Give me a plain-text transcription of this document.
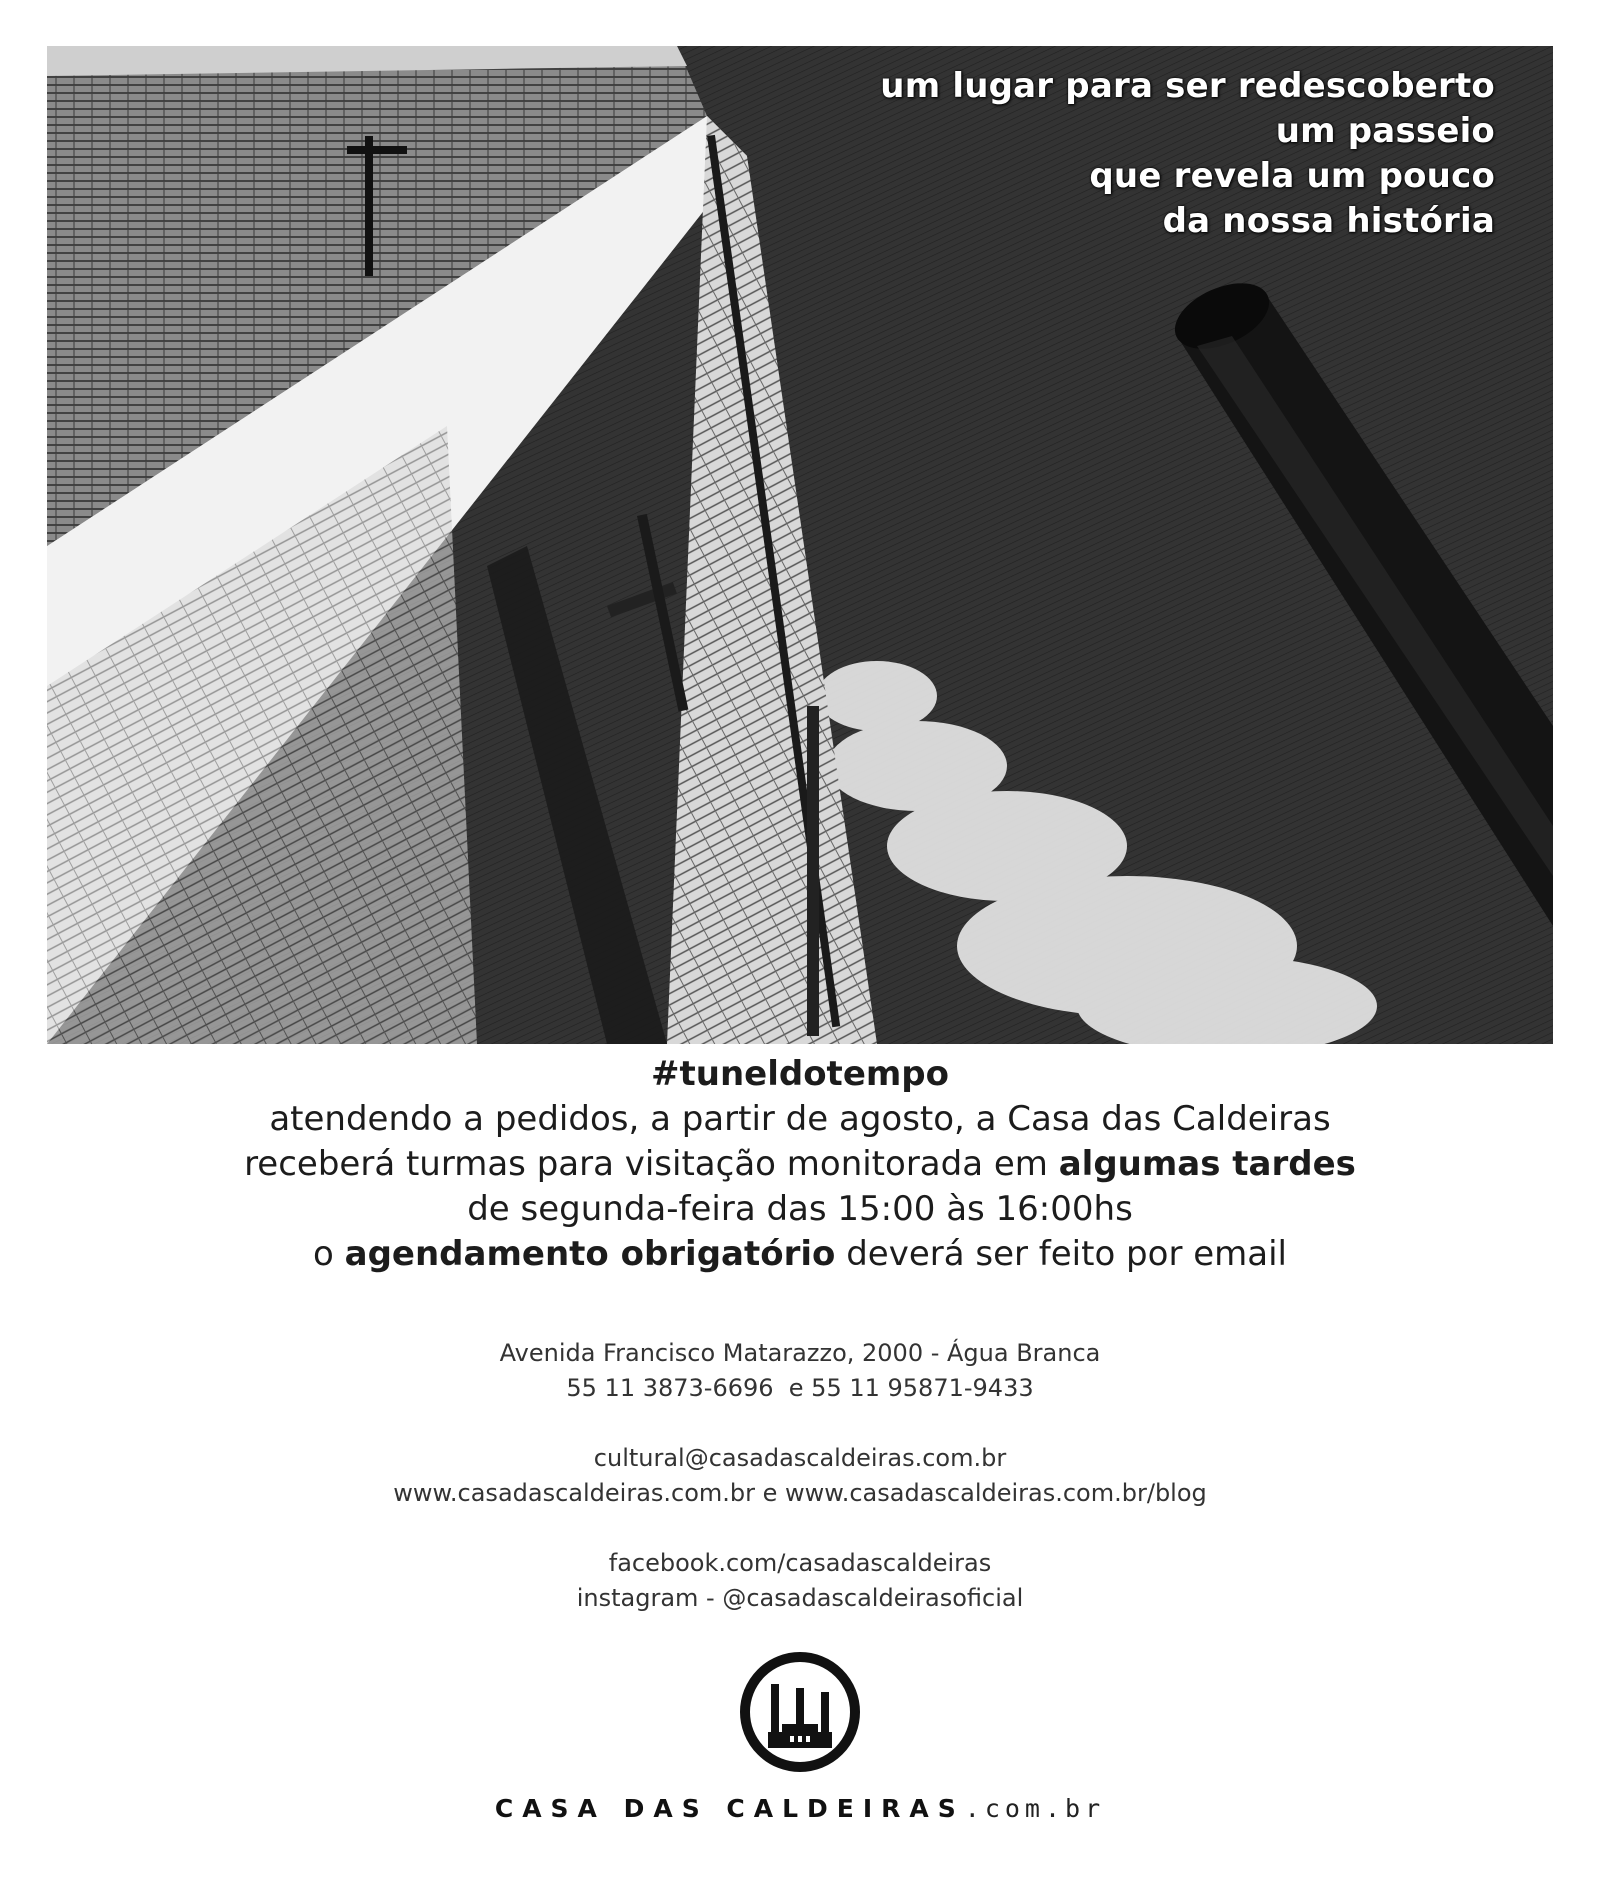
um lugar para ser redescoberto
um passeio
que revela um pouco
da nossa história
#tuneldotempo
atendendo a pedidos, a partir de agosto, a Casa das Caldeiras
receberá turmas para visitação monitorada em algumas tardes
de segunda-feira das 15:00 às 16:00hs
o agendamento obrigatório deverá ser feito por email
Avenida Francisco Matarazzo, 2000 - Água Branca
55 11 3873-6696  e 55 11 95871-9433
cultural@casadascaldeiras.com.br
www.casadascaldeiras.com.br e www.casadascaldeiras.com.br/blog
facebook.com/casadascaldeiras
instagram - @casadascaldeirasoficial
CASA DAS CALDEIRAS.com.br
